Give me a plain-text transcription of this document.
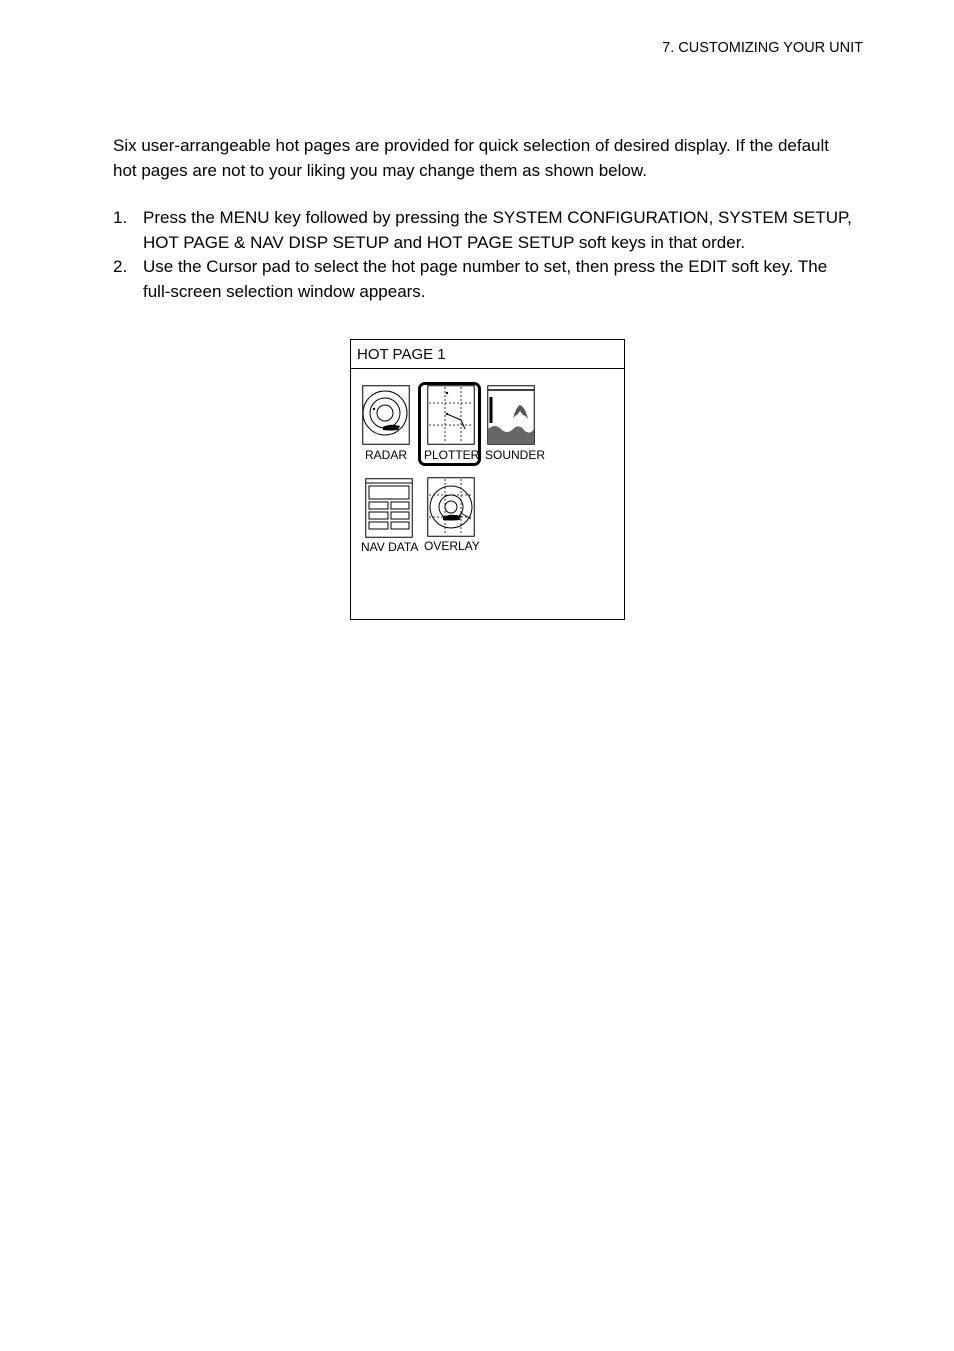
7. CUSTOMIZING YOUR UNIT

Six user-arrangeable hot pages are provided for quick selection of desired display. If the default hot pages are not to your liking you may change them as shown below.

1. Press the MENU key followed by pressing the SYSTEM CONFIGURATION, SYSTEM SETUP, HOT PAGE & NAV DISP SETUP and HOT PAGE SETUP soft keys in that order.
2. Use the Cursor pad to select the hot page number to set, then press the EDIT soft key. The full-screen selection window appears.
HOT PAGE 1
RADAR PLOTTER SOUNDER
NAV DATA OVERLAY
